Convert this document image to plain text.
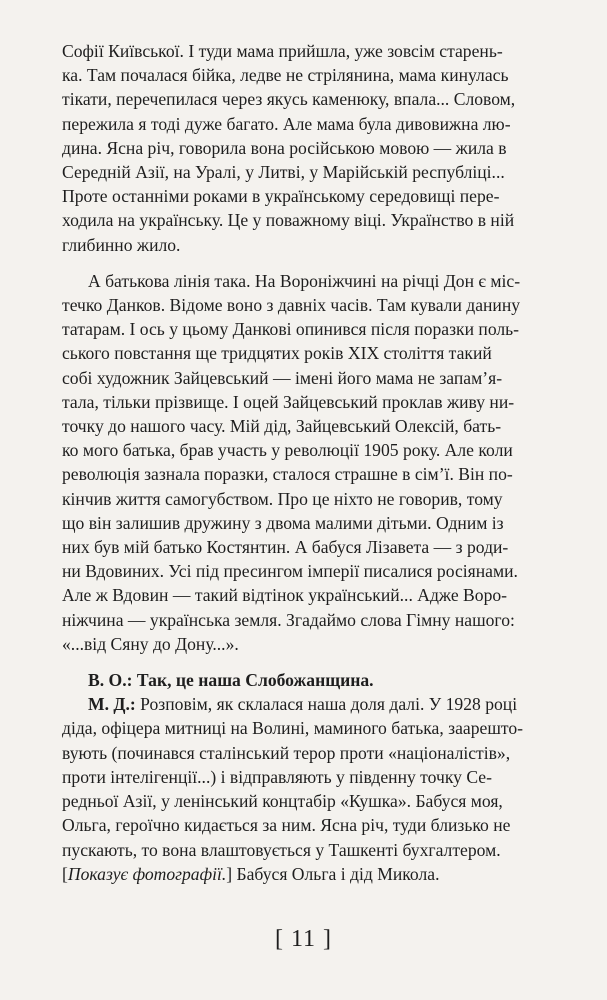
Софії Київської. І туди мама прийшла, уже зовсім старень-
ка. Там почалася бійка, ледве не стрілянина, мама кинулась
тікати, перечепилася через якусь каменюку, впала... Словом,
пережила я тоді дуже багато. Але мама була дивовижна лю-
дина. Ясна річ, говорила вона російською мовою — жила в
Середній Азії, на Уралі, у Литві, у Марійській республіці...
Проте останніми роками в українському середовищі пере-
ходила на українську. Це у поважному віці. Українство в ній
глибинно жило.

А батькова лінія така. На Вороніжчині на річці Дон є міс-
течко Данков. Відоме воно з давніх часів. Там кували данину
татарам. І ось у цьому Данкові опинився після поразки поль-
ського повстання ще тридцятих років XIX століття такий
собі художник Зайцевський — імені його мама не запам’я-
тала, тільки прізвище. І оцей Зайцевський проклав живу ни-
точку до нашого часу. Мій дід, Зайцевський Олексій, бать-
ко мого батька, брав участь у революції 1905 року. Але коли
революція зазнала поразки, сталося страшне в сім’ї. Він по-
кінчив життя самогубством. Про це ніхто не говорив, тому
що він залишив дружину з двома малими дітьми. Одним із
них був мій батько Костянтин. А бабуся Лізавета — з роди-
ни Вдовиних. Усі під пресингом імперії писалися росіянами.
Але ж Вдовин — такий відтінок український... Адже Воро-
ніжчина — українська земля. Згадаймо слова Гімну нашого:
«...від Сяну до Дону...».

В. О.: Так, це наша Слобожанщина.

М. Д.: Розповім, як склалася наша доля далі. У 1928 році
діда, офіцера митниці на Волині, маминого батька, заарешто-
вують (починався сталінський терор проти «націоналістів»,
проти інтелігенції...) і відправляють у південну точку Се-
редньої Азії, у ленінський концтабір «Кушка». Бабуся моя,
Ольга, героїчно кидається за ним. Ясна річ, туди близько не
пускають, то вона влаштовується у Ташкенті бухгалтером.
[Показує фотографії.] Бабуся Ольга і дід Микола.

[ 11 ]
